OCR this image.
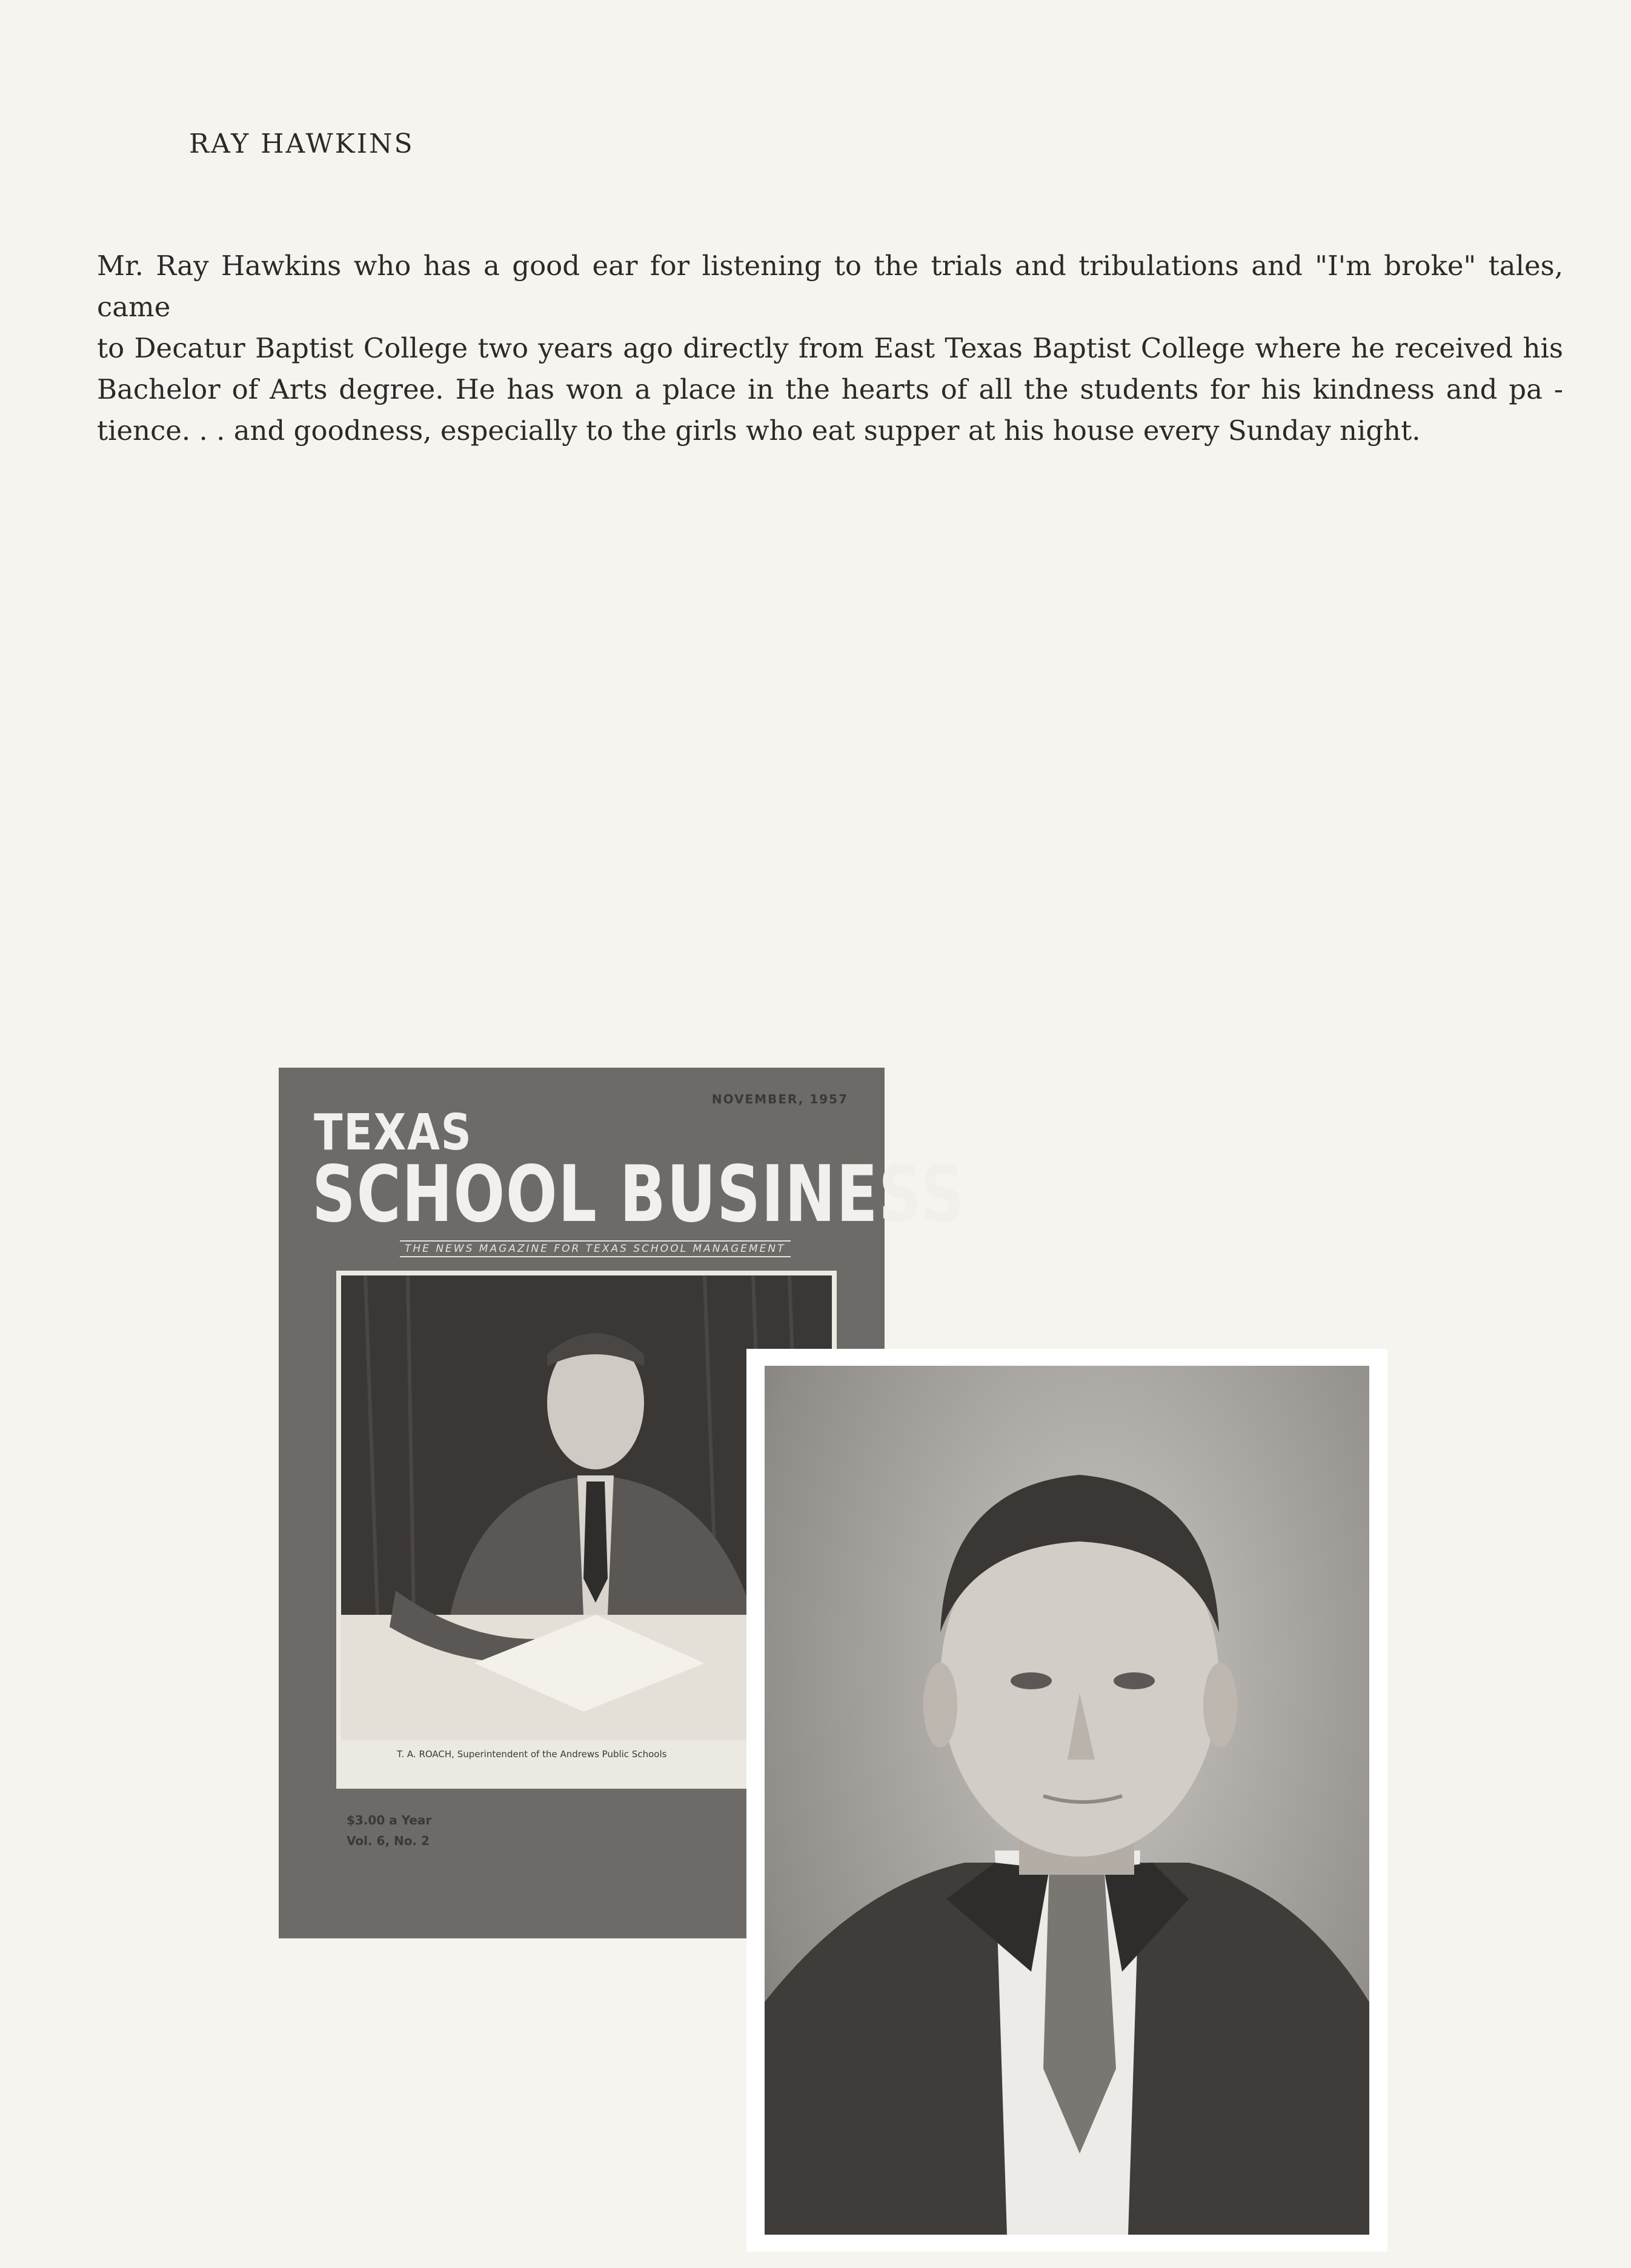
RAY HAWKINS
Mr. Ray Hawkins who has a good ear for listening to the trials and tribulations and "I'm broke" tales, came
to Decatur Baptist College two years ago directly from East Texas Baptist College where he received his
Bachelor of Arts degree. He has won a place in the hearts of all the students for his kindness and pa -
tience. . . and goodness, especially to the girls who eat supper at his house every Sunday night.
NOVEMBER, 1957
TEXAS
SCHOOL BUSINESS
THE NEWS MAGAZINE FOR TEXAS SCHOOL MANAGEMENT
T. A. ROACH, Superintendent of the Andrews Public Schools
$3.00 a Year
Vol. 6, No. 2
